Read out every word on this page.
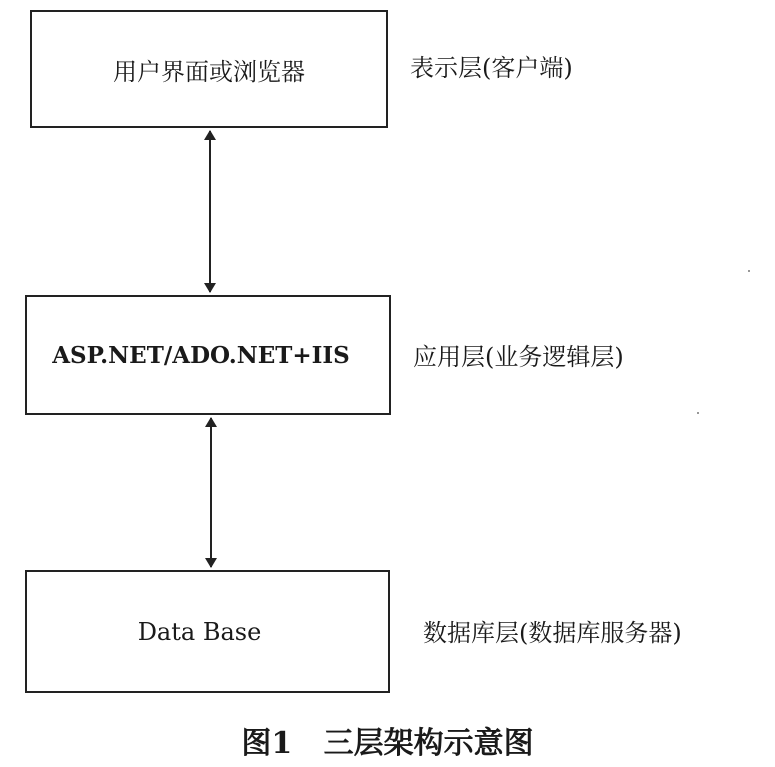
用户界面或浏览器	表示层(客户端)
ASP.NET/ADO.NET+IIS	应用层(业务逻辑层)
Data Base	数据库层(数据库服务器)
图1   三层架构示意图
